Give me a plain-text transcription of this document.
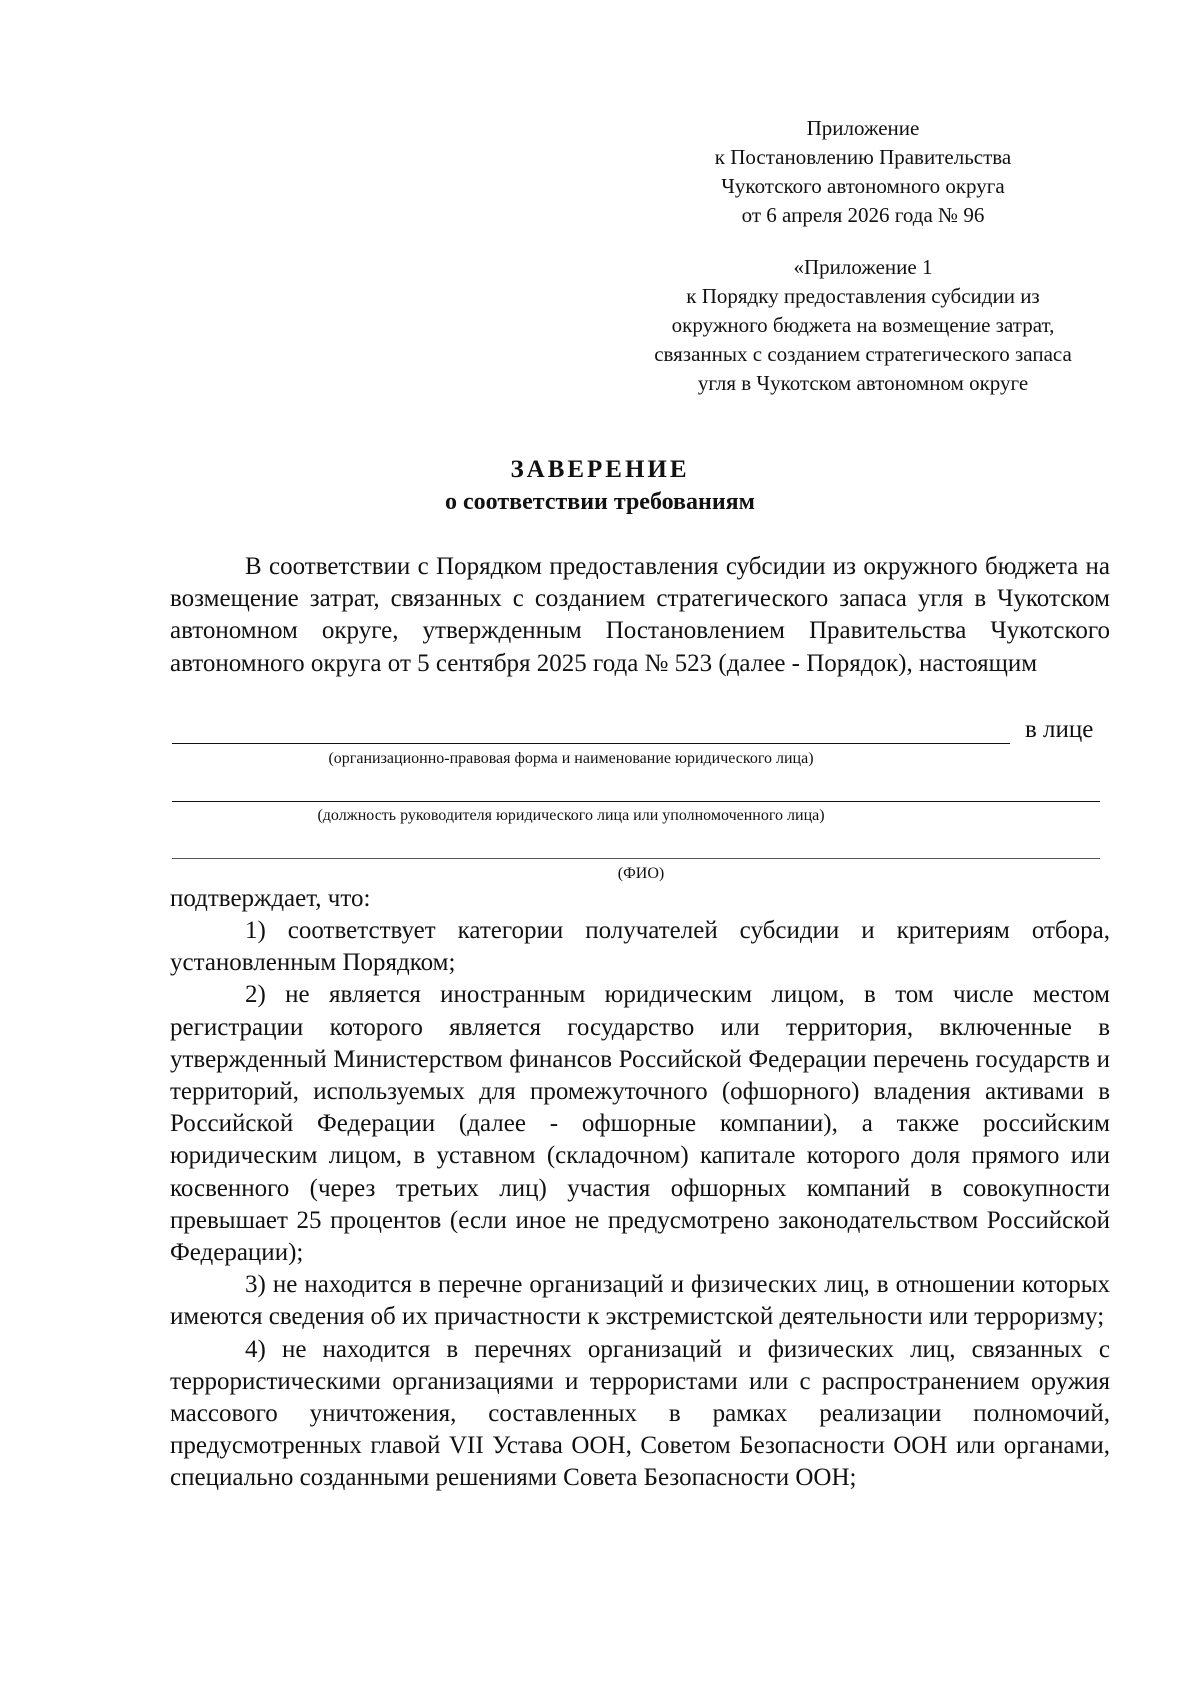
Приложение
к Постановлению Правительства
Чукотского автономного округа
от 6 апреля 2026 года № 96
«Приложение 1
к Порядку предоставления субсидии из
окружного бюджета на возмещение затрат,
связанных с созданием стратегического запаса
угля в Чукотском автономном округе
ЗАВЕРЕНИЕ
о соответствии требованиям

В соответствии с Порядком предоставления субсидии из окружного бюджета на возмещение затрат, связанных с созданием стратегического запаса угля в Чукотском автономном округе, утвержденным Постановлением Правительства Чукотского автономного округа от 5 сентября 2025 года № 523 (далее - Порядок), настоящим

в лице
(организационно-правовая форма и наименование юридического лица)
(должность руководителя юридического лица или уполномоченного лица)
(ФИО)

подтверждает, что:

1) соответствует категории получателей субсидии и критериям отбора, установленным Порядком;

2) не является иностранным юридическим лицом, в том числе местом регистрации которого является государство или территория, включенные в утвержденный Министерством финансов Российской Федерации перечень государств и территорий, используемых для промежуточного (офшорного) владения активами в Российской Федерации (далее - офшорные компании), а также российским юридическим лицом, в уставном (складочном) капитале которого доля прямого или косвенного (через третьих лиц) участия офшорных компаний в совокупности превышает 25 процентов (если иное не предусмотрено законодательством Российской Федерации);

3) не находится в перечне организаций и физических лиц, в отношении которых имеются сведения об их причастности к экстремистской деятельности или терроризму;

4) не находится в перечнях организаций и физических лиц, связанных с террористическими организациями и террористами или с распространением оружия массового уничтожения, составленных в рамках реализации полномочий, предусмотренных главой VII Устава ООН, Советом Безопасности ООН или органами, специально созданными решениями Совета Безопасности ООН;
